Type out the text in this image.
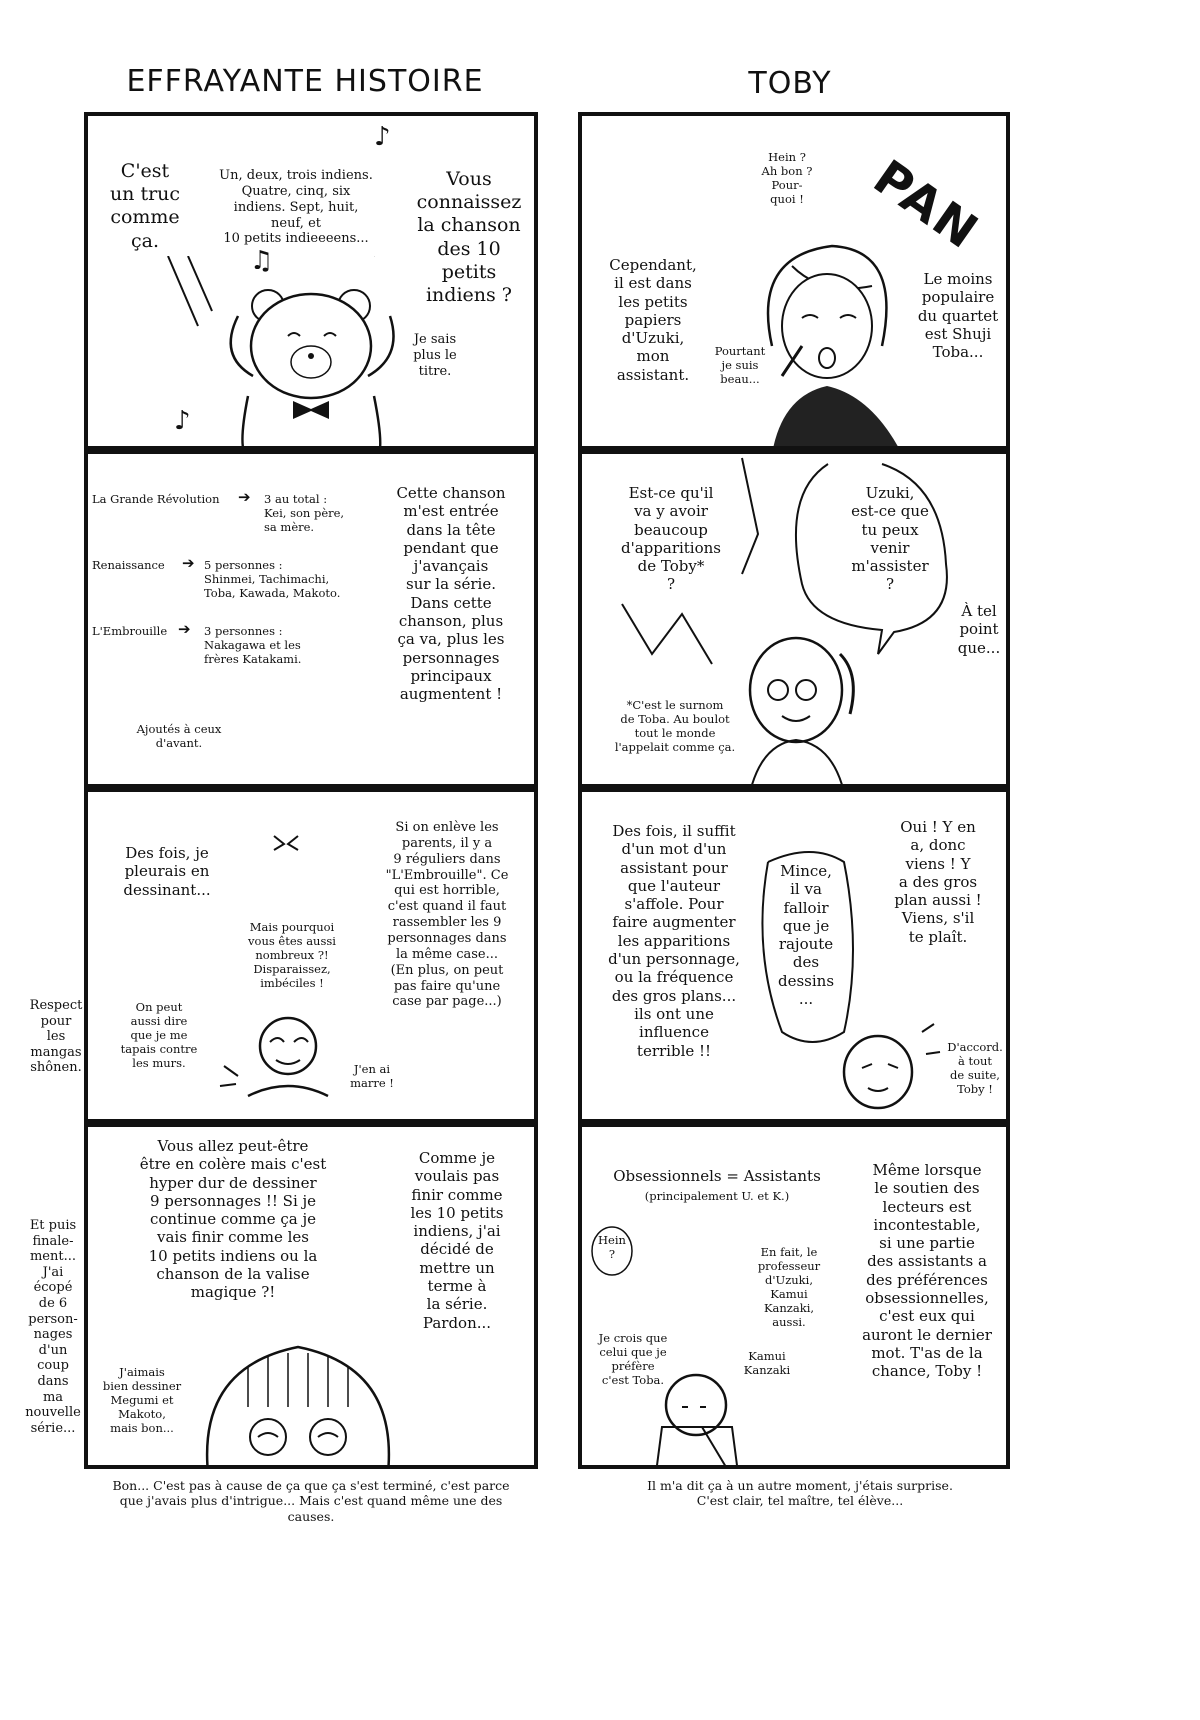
EFFRAYANTE HISTOIRE
C'est
un truc
comme
ça.
Un, deux, trois indiens.
Quatre, cinq, six
indiens. Sept, huit,
neuf, et
10 petits indieeeens...
Vous
connaissez
la chanson
des 10
petits
indiens ?
Je sais
plus le
titre.
♪
♫
♪
La Grande Révolution	➔ 3 au total :
Kei, son père,
sa mère.
Renaissance	➔ 5 personnes :
Shinmei, Tachimachi,
Toba, Kawada, Makoto.
L'Embrouille ➔ 3 personnes :
Nakagawa et les
frères Katakami.
Ajoutés à ceux
d'avant.
Cette chanson
m'est entrée
dans la tête
pendant que
j'avançais
sur la série.
Dans cette
chanson, plus
ça va, plus les
personnages
principaux
augmentent !
Des fois, je
pleurais en
dessinant...
Mais pourquoi
vous êtes aussi
nombreux ?!
Disparaissez,
imbéciles !
Si on enlève les
parents, il y a
9 réguliers dans
"L'Embrouille". Ce
qui est horrible,
c'est quand il faut
rassembler les 9
personnages dans
la même case...
(En plus, on peut
pas faire qu'une
case par page...)
On peut
aussi dire
que je me
tapais contre
les murs.	J'en ai
marre !
Vous allez peut-être
être en colère mais c'est
hyper dur de dessiner
9 personnages !! Si je
continue comme ça je
vais finir comme les
10 petits indiens ou la
chanson de la valise
magique ?!
Comme je
voulais pas
finir comme
les 10 petits
indiens, j'ai
décidé de
mettre un
terme à
la série.
Pardon...
J'aimais
bien dessiner
Megumi et
Makoto,
mais bon...
Respect
pour
les
mangas
shônen.
Et puis
finale-
ment...
J'ai
écopé
de 6
person-
nages
d'un
coup
dans
ma
nouvelle
série...
Bon... C'est pas à cause de ça que ça s'est terminé, c'est parce
que j'avais plus d'intrigue... Mais c'est quand même une des
causes.
TOBY
Hein ?
Ah bon ?
Pour-
quoi !	PAN
Cependant,
il est dans
les petits
papiers
d'Uzuki,
mon
assistant.
Pourtant
je suis
beau...
Le moins
populaire
du quartet
est Shuji
Toba...
Est-ce qu'il
va y avoir
beaucoup
d'apparitions
de Toby*
?
Uzuki,
est-ce que
tu peux
venir
m'assister
?
À tel
point
que...
*C'est le surnom
de Toba. Au boulot
tout le monde
l'appelait comme ça.
Des fois, il suffit
d'un mot d'un
assistant pour
que l'auteur
s'affole. Pour
faire augmenter
les apparitions
d'un personnage,
ou la fréquence
des gros plans...
ils ont une
influence
terrible !!
Mince,
il va
falloir
que je
rajoute
des
dessins
...
Oui ! Y en
a, donc
viens ! Y
a des gros
plan aussi !
Viens, s'il
te plaît.
D'accord.
à tout
de suite,
Toby !
Obsessionnels = Assistants
(principalement U. et K.)
Hein
?	En fait, le
professeur
d'Uzuki,
Kamui
Kanzaki,
aussi.
Je crois que
celui que je
préfère
c'est Toba.
Kamui
Kanzaki
Même lorsque
le soutien des
lecteurs est
incontestable,
si une partie
des assistants a
des préférences
obsessionnelles,
c'est eux qui
auront le dernier
mot. T'as de la
chance, Toby !
Il m'a dit ça à un autre moment, j'étais surprise.
C'est clair, tel maître, tel élève...
